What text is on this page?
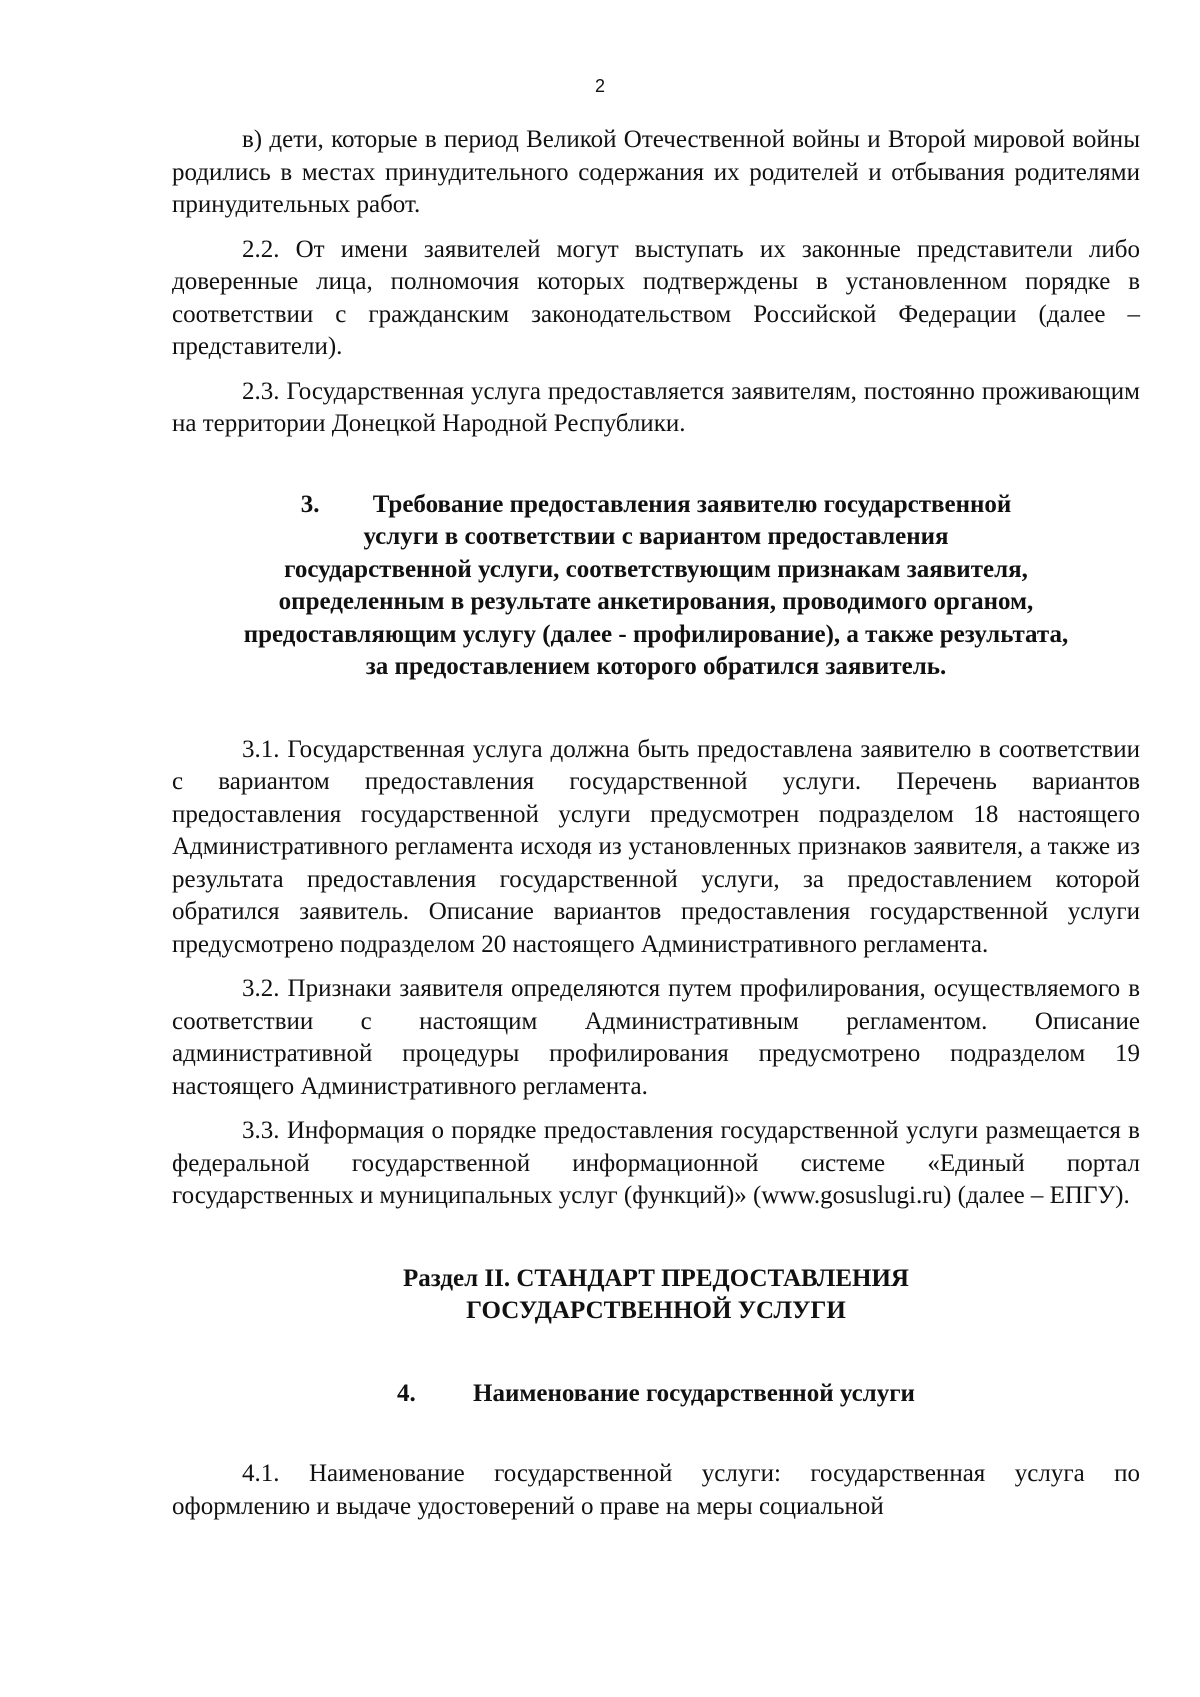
2

в) дети, которые в период Великой Отечественной войны и Второй мировой войны родились в местах принудительного содержания их родителей и отбывания родителями принудительных работ.

2.2. От имени заявителей могут выступать их законные представители либо доверенные лица, полномочия которых подтверждены в установленном порядке в соответствии с гражданским законодательством Российской Федерации (далее – представители).

2.3. Государственная услуга предоставляется заявителям, постоянно проживающим на территории Донецкой Народной Республики.

3. Требование предоставления заявителю государственной
услуги в соответствии с вариантом предоставления
государственной услуги, соответствующим признакам заявителя,
определенным в результате анкетирования, проводимого органом,
предоставляющим услугу (далее - профилирование), а также результата,
за предоставлением которого обратился заявитель.

3.1. Государственная услуга должна быть предоставлена заявителю в соответствии с вариантом предоставления государственной услуги. Перечень вариантов предоставления государственной услуги предусмотрен подразделом 18 настоящего Административного регламента исходя из установленных признаков заявителя, а также из результата предоставления государственной услуги, за предоставлением которой обратился заявитель. Описание вариантов предоставления государственной услуги предусмотрено подразделом 20 настоящего Административного регламента.

3.2. Признаки заявителя определяются путем профилирования, осуществляемого в соответствии с настоящим Административным регламентом. Описание административной процедуры профилирования предусмотрено подразделом 19 настоящего Административного регламента.

3.3. Информация о порядке предоставления государственной услуги размещается в федеральной государственной информационной системе «Единый портал государственных и муниципальных услуг (функций)» (www.gosuslugi.ru) (далее – ЕПГУ).

Раздел II. СТАНДАРТ ПРЕДОСТАВЛЕНИЯ
ГОСУДАРСТВЕННОЙ УСЛУГИ
4. Наименование государственной услуги

4.1. Наименование государственной услуги: государственная услуга по оформлению и выдаче удостоверений о праве на меры социальной
